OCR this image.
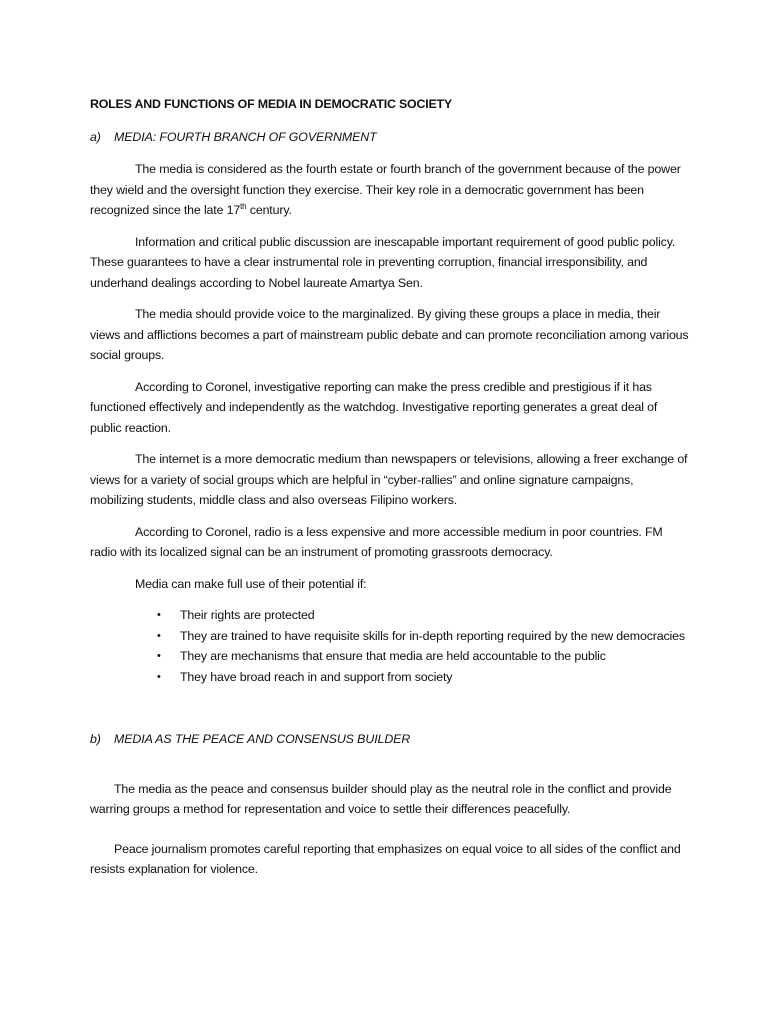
ROLES AND FUNCTIONS OF MEDIA IN DEMOCRATIC SOCIETY
a) MEDIA: FOURTH BRANCH OF GOVERNMENT

The media is considered as the fourth estate or fourth branch of the government because of the power they wield and the oversight function they exercise. Their key role in a democratic government has been recognized since the late 17th century.

Information and critical public discussion are inescapable important requirement of good public policy. These guarantees to have a clear instrumental role in preventing corruption, financial irresponsibility, and underhand dealings according to Nobel laureate Amartya Sen.

The media should provide voice to the marginalized. By giving these groups a place in media, their views and afflictions becomes a part of mainstream public debate and can promote reconciliation among various social groups.

According to Coronel, investigative reporting can make the press credible and prestigious if it has functioned effectively and independently as the watchdog. Investigative reporting generates a great deal of public reaction.

The internet is a more democratic medium than newspapers or televisions, allowing a freer exchange of views for a variety of social groups which are helpful in “cyber-rallies” and online signature campaigns, mobilizing students, middle class and also overseas Filipino workers.

According to Coronel, radio is a less expensive and more accessible medium in poor countries. FM radio with its localized signal can be an instrument of promoting grassroots democracy.

Media can make full use of their potential if:

• Their rights are protected
• They are trained to have requisite skills for in-depth reporting required by the new democracies
• They are mechanisms that ensure that media are held accountable to the public
• They have broad reach in and support from society
b) MEDIA AS THE PEACE AND CONSENSUS BUILDER

The media as the peace and consensus builder should play as the neutral role in the conflict and provide warring groups a method for representation and voice to settle their differences peacefully.

Peace journalism promotes careful reporting that emphasizes on equal voice to all sides of the conflict and resists explanation for violence.
